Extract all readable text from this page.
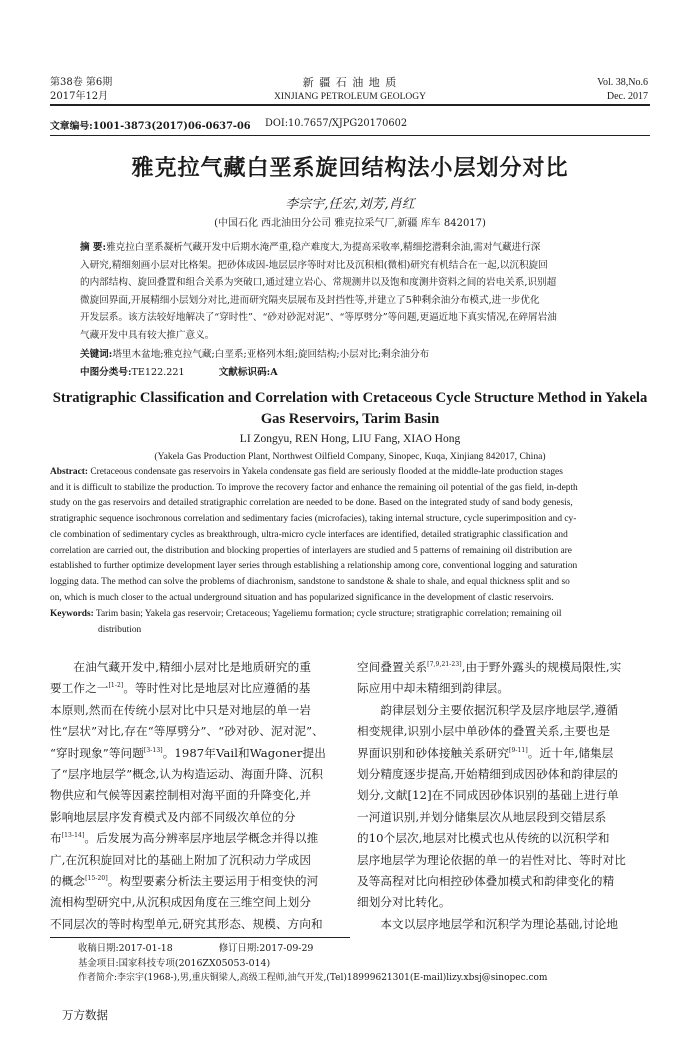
第38卷 第6期
2017年12月
新 疆 石 油 地 质
XINJIANG PETROLEUM GEOLOGY
Vol. 38,No.6
Dec. 2017
文章编号:1001-3873(2017)06-0637-06 DOI:10.7657/XJPG20170602
雅克拉气藏白垩系旋回结构法小层划分对比
李宗宇,任宏,刘芳,肖红
(中国石化 西北油田分公司 雅克拉采气厂,新疆 库车 842017)
摘 要:雅克拉白垩系凝析气藏开发中后期水淹严重,稳产难度大,为提高采收率,精细挖潜剩余油,需对气藏进行深
入研究,精细刻画小层对比格架。把砂体成因-地层层序等时对比及沉积相(微相)研究有机结合在一起,以沉积旋回
的内部结构、旋回叠置和组合关系为突破口,通过建立岩心、常规测井以及饱和度测井资料之间的岩电关系,识别超
微旋回界面,开展精细小层划分对比,进而研究隔夹层展布及封挡性等,并建立了5种剩余油分布模式,进一步优化
开发层系。该方法较好地解决了“穿时性”、“砂对砂泥对泥”、“等厚劈分”等问题,更逼近地下真实情况,在碎屑岩油
气藏开发中具有较大推广意义。
关键词:塔里木盆地;雅克拉气藏;白垩系;亚格列木组;旋回结构;小层对比;剩余油分布
中图分类号:TE122.221	文献标识码:A
Stratigraphic Classification and Correlation with Cretaceous Cycle Structure Method in Yakela
Gas Reservoirs, Tarim Basin
LI Zongyu, REN Hong, LIU Fang, XIAO Hong
(Yakela Gas Production Plant, Northwest Oilfield Company, Sinopec, Kuqa, Xinjiang 842017, China)
Abstract: Cretaceous condensate gas reservoirs in Yakela condensate gas field are seriously flooded at the middle-late production stages
and it is difficult to stabilize the production. To improve the recovery factor and enhance the remaining oil potential of the gas field, in-depth
study on the gas reservoirs and detailed stratigraphic correlation are needed to be done. Based on the integrated study of sand body genesis,
stratigraphic sequence isochronous correlation and sedimentary facies (microfacies), taking internal structure, cycle superimposition and cy-
cle combination of sedimentary cycles as breakthrough, ultra-micro cycle interfaces are identified, detailed stratigraphic classification and
correlation are carried out, the distribution and blocking properties of interlayers are studied and 5 patterns of remaining oil distribution are
established to further optimize development layer series through establishing a relationship among core, conventional logging and saturation
logging data. The method can solve the problems of diachronism, sandstone to sandstone & shale to shale, and equal thickness split and so
on, which is much closer to the actual underground situation and has popularized significance in the development of clastic reservoirs.
Keywords: Tarim basin; Yakela gas reservoir; Cretaceous; Yageliemu formation; cycle structure; stratigraphic correlation; remaining oil
distribution
　　在油气藏开发中,精细小层对比是地质研究的重
要工作之一[1-2]。等时性对比是地层对比应遵循的基
本原则,然而在传统小层对比中只是对地层的单一岩
性“层状”对比,存在“等厚劈分”、“砂对砂、泥对泥”、
“穿时现象”等问题[3-13]。1987年Vail和Wagoner提出
了“层序地层学”概念,认为构造运动、海面升降、沉积
物供应和气候等因素控制相对海平面的升降变化,并
影响地层层序发育模式及内部不同级次单位的分
布[13-14]。后发展为高分辨率层序地层学概念并得以推
广,在沉积旋回对比的基础上附加了沉积动力学成因
的概念[15-20]。构型要素分析法主要运用于相变快的河
流相构型研究中,从沉积成因角度在三维空间上划分
不同层次的等时构型单元,研究其形态、规模、方向和
空间叠置关系[7,9,21-23],由于野外露头的规模局限性,实
际应用中却未精细到韵律层。
　　韵律层划分主要依据沉积学及层序地层学,遵循
相变规律,识别小层中单砂体的叠置关系,主要也是
界面识别和砂体接触关系研究[9-11]。近十年,储集层
划分精度逐步提高,开始精细到成因砂体和韵律层的
划分,文献[12]在不同成因砂体识别的基础上进行单
一河道识别,并划分储集层次从地层段到交错层系
的10个层次,地层对比模式也从传统的以沉积学和
层序地层学为理论依据的单一的岩性对比、等时对比
及等高程对比向相控砂体叠加模式和韵律变化的精
细划分对比转化。
　　本文以层序地层学和沉积学为理论基础,讨论地
收稿日期:2017-01-18	修订日期:2017-09-29
基金项目:国家科技专项(2016ZX05053-014)
作者简介:李宗宇(1968-),男,重庆铜梁人,高级工程师,油气开发,(Tel)18999621301(E-mail)lizy.xbsj@sinopec.com
万方数据
